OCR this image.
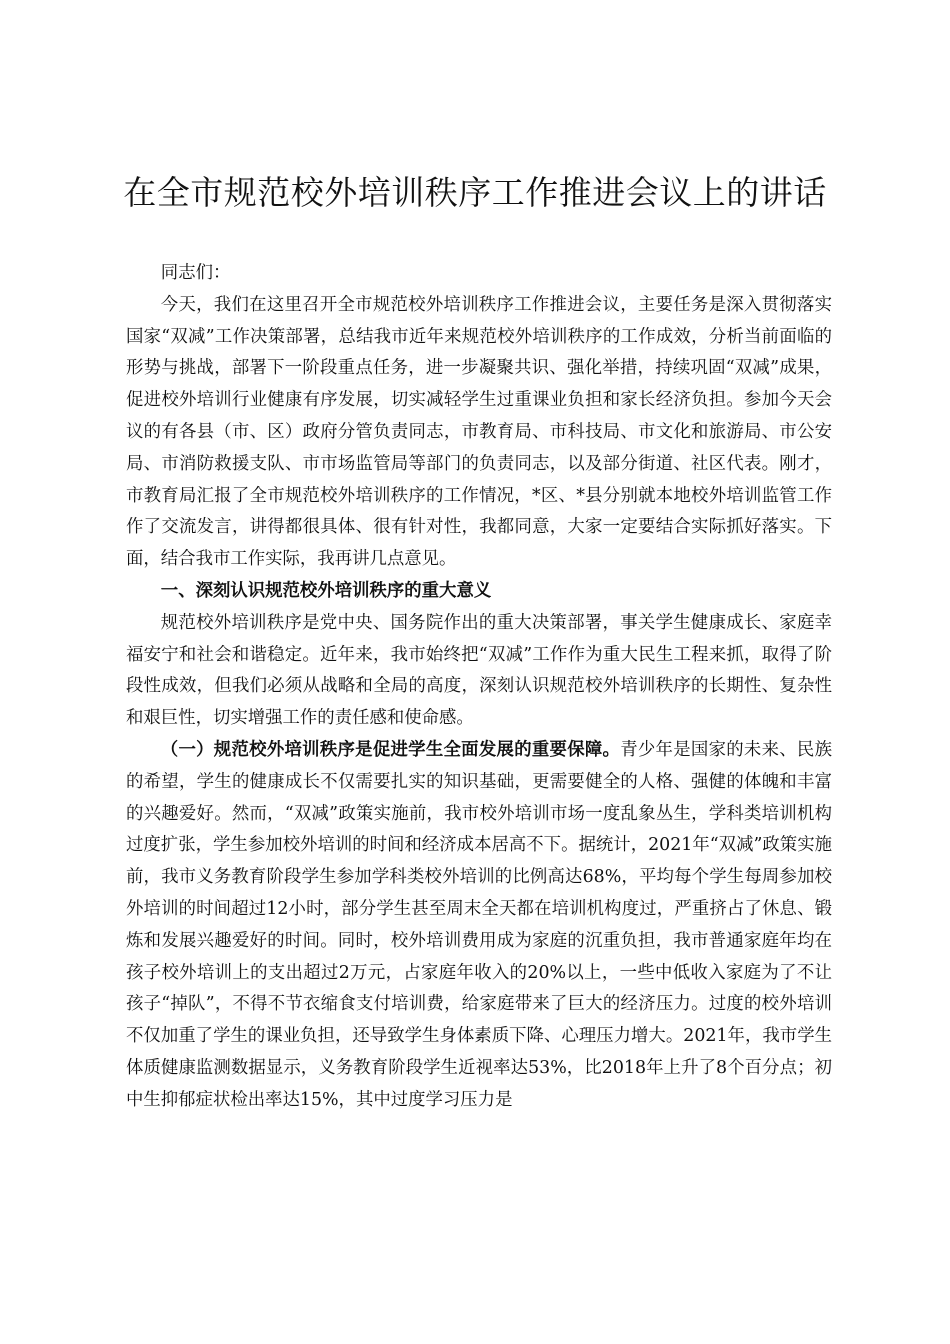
在全市规范校外培训秩序工作推进会议上的讲话

同志们：

今天，我们在这里召开全市规范校外培训秩序工作推进会议，主要任务是深入贯彻落实国家“双减”工作决策部署，总结我市近年来规范校外培训秩序的工作成效，分析当前面临的形势与挑战，部署下一阶段重点任务，进一步凝聚共识、强化举措，持续巩固“双减”成果，促进校外培训行业健康有序发展，切实减轻学生过重课业负担和家长经济负担。参加今天会议的有各县（市、区）政府分管负责同志，市教育局、市科技局、市文化和旅游局、市公安局、市消防救援支队、市市场监管局等部门的负责同志，以及部分街道、社区代表。刚才，市教育局汇报了全市规范校外培训秩序的工作情况，*区、*县分别就本地校外培训监管工作作了交流发言，讲得都很具体、很有针对性，我都同意，大家一定要结合实际抓好落实。下面，结合我市工作实际，我再讲几点意见。

一、深刻认识规范校外培训秩序的重大意义

规范校外培训秩序是党中央、国务院作出的重大决策部署，事关学生健康成长、家庭幸福安宁和社会和谐稳定。近年来，我市始终把“双减”工作作为重大民生工程来抓，取得了阶段性成效，但我们必须从战略和全局的高度，深刻认识规范校外培训秩序的长期性、复杂性和艰巨性，切实增强工作的责任感和使命感。

（一）规范校外培训秩序是促进学生全面发展的重要保障。青少年是国家的未来、民族的希望，学生的健康成长不仅需要扎实的知识基础，更需要健全的人格、强健的体魄和丰富的兴趣爱好。然而，“双减”政策实施前，我市校外培训市场一度乱象丛生，学科类培训机构过度扩张，学生参加校外培训的时间和经济成本居高不下。据统计，2021年“双减”政策实施前，我市义务教育阶段学生参加学科类校外培训的比例高达68%，平均每个学生每周参加校外培训的时间超过12小时，部分学生甚至周末全天都在培训机构度过，严重挤占了休息、锻炼和发展兴趣爱好的时间。同时，校外培训费用成为家庭的沉重负担，我市普通家庭年均在孩子校外培训上的支出超过2万元，占家庭年收入的20%以上，一些中低收入家庭为了不让孩子“掉队”，不得不节衣缩食支付培训费，给家庭带来了巨大的经济压力。过度的校外培训不仅加重了学生的课业负担，还导致学生身体素质下降、心理压力增大。2021年，我市学生体质健康监测数据显示，义务教育阶段学生近视率达53%，比2018年上升了8个百分点；初中生抑郁症状检出率达15%，其中过度学习压力是
